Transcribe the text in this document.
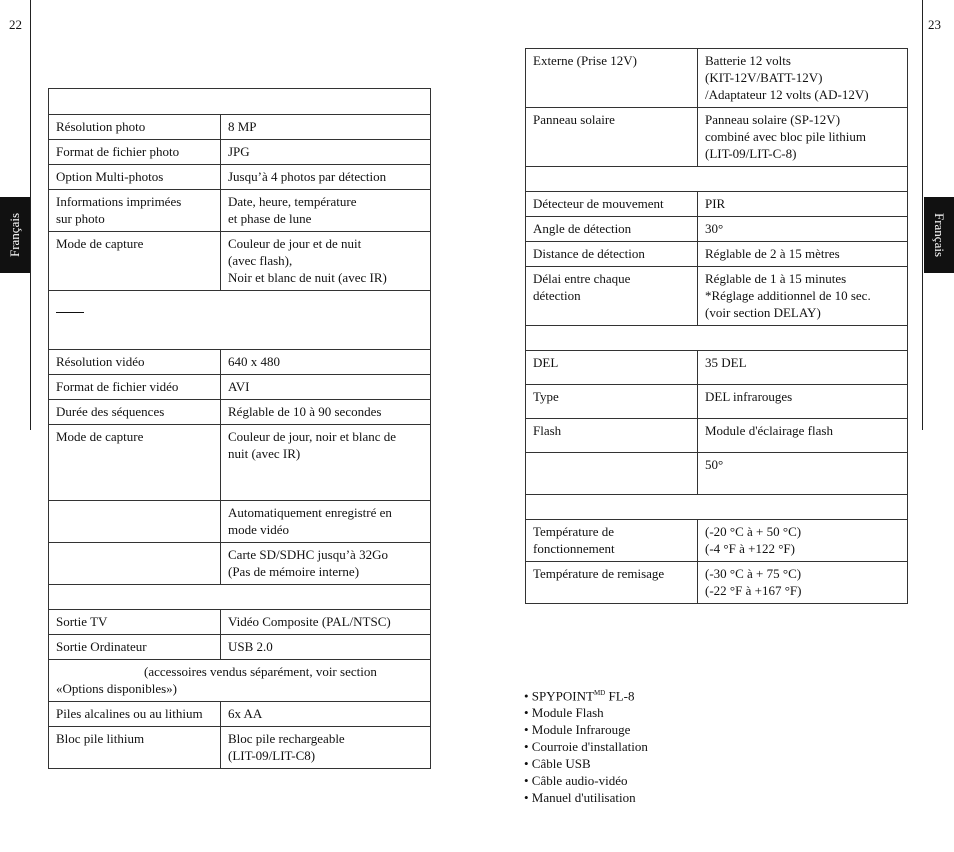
22	23
Français	Français

Résolution photo	8 MP
Format de fichier photo	JPG
Option Multi-photos	Jusqu’à 4 photos par détection
Informations imprimées
sur photo	Date, heure, température
et phase de lune
Mode de capture	Couleur de jour et de nuit
(avec flash),
Noir et blanc de nuit (avec IR)

Résolution vidéo	640 x 480
Format de fichier vidéo	AVI
Durée des séquences	Réglable de 10 à 90 secondes
Mode de capture	Couleur de jour, noir et blanc de
nuit (avec IR)
	Automatiquement enregistré en
mode vidéo
	Carte SD/SDHC jusqu’à 32Go
(Pas de mémoire interne)

Sortie TV	Vidéo Composite (PAL/NTSC)
Sortie Ordinateur	USB 2.0
(accessoires vendus séparément, voir section
«Options disponibles»)	
Piles alcalines ou au lithium	6x AA
Bloc pile lithium	Bloc pile rechargeable
(LIT-09/LIT-C8)
Externe (Prise 12V)	Batterie 12 volts
(KIT-12V/BATT-12V)
/Adaptateur 12 volts (AD-12V)
Panneau solaire	Panneau solaire (SP-12V)
combiné avec bloc pile lithium
(LIT-09/LIT-C-8)

Détecteur de mouvement	PIR
Angle de détection	30°
Distance de détection	Réglable de 2 à 15 mètres
Délai entre chaque
détection	Réglable de 1 à 15 minutes
*Réglage additionnel de 10 sec.
(voir section DELAY)

DEL	35 DEL
Type	DEL infrarouges
Flash	Module d'éclairage flash
	50°

Température de
fonctionnement	(-20 °C à + 50 °C)
(-4 °F à +122 °F)
Température de remisage	(-30 °C à + 75 °C)
(-22 °F à +167 °F)
• $SPYPOINT^{MD}$ FL-8
• Module Flash
• Module Infrarouge
• Courroie d'installation
• Câble USB
• Câble audio-vidéo
• Manuel d'utilisation
